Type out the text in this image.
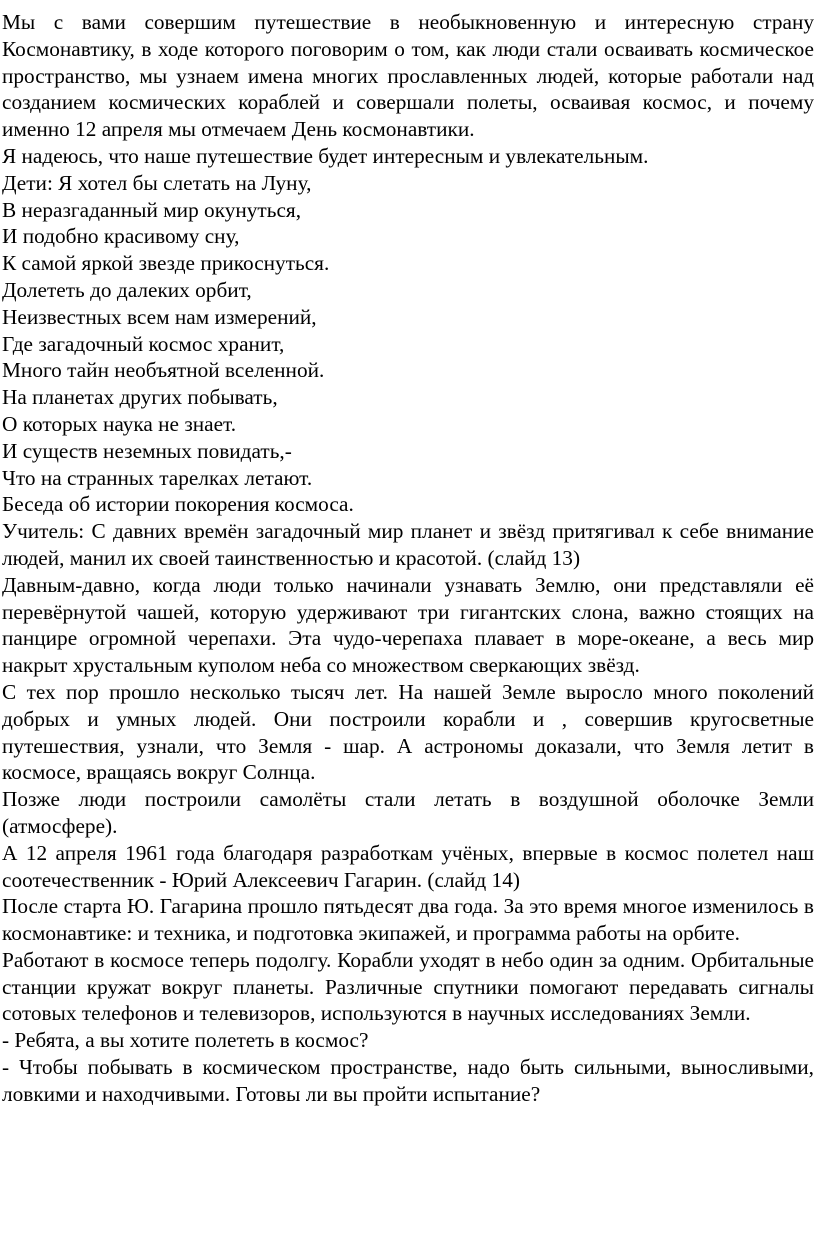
Мы с вами совершим путешествие в необыкновенную и интересную страну Космонавтику, в ходе которого поговорим о том, как люди стали осваивать космическое пространство, мы узнаем имена многих прославленных людей, которые работали над созданием космических кораблей и совершали полеты, осваивая космос, и почему именно 12 апреля мы отмечаем День космонавтики.

Я надеюсь, что наше путешествие будет интересным и увлекательным.

Дети: Я хотел бы слетать на Луну,

В неразгаданный мир окунуться,

И подобно красивому сну,

К самой яркой звезде прикоснуться.

Долететь до далеких орбит,

Неизвестных всем нам измерений,

Где загадочный космос хранит,

Много тайн необъятной вселенной.

На планетах других побывать,

О которых наука не знает.

И существ неземных повидать,-

Что на странных тарелках летают.

Беседа об истории покорения космоса.

Учитель: С давних времён загадочный мир планет и звёзд притягивал к себе внимание людей, манил их своей таинственностью и красотой. (слайд 13)

Давным-давно, когда люди только начинали узнавать Землю, они представляли её перевёрнутой чашей, которую удерживают три гигантских слона, важно стоящих на панцире огромной черепахи. Эта чудо-черепаха плавает в море-океане, а весь мир накрыт хрустальным куполом неба со множеством сверкающих звёзд.

С тех пор прошло несколько тысяч лет. На нашей Земле выросло много поколений добрых и умных людей. Они построили корабли и , совершив кругосветные путешествия, узнали, что Земля - шар. А астрономы доказали, что Земля летит в космосе, вращаясь вокруг Солнца.

Позже люди построили самолёты стали летать в воздушной оболочке Земли (атмосфере).

А 12 апреля 1961 года благодаря разработкам учёных, впервые в космос полетел наш соотечественник - Юрий Алексеевич Гагарин. (слайд 14)

После старта Ю. Гагарина прошло пятьдесят два года. За это время многое изменилось в космонавтике: и техника, и подготовка экипажей, и программа работы на орбите.

Работают в космосе теперь подолгу. Корабли уходят в небо один за одним. Орбитальные станции кружат вокруг планеты. Различные спутники помогают передавать сигналы сотовых телефонов и телевизоров, используются в научных исследованиях Земли.

- Ребята, а вы хотите полететь в космос?

- Чтобы побывать в космическом пространстве, надо быть сильными, выносливыми, ловкими и находчивыми. Готовы ли вы пройти испытание?
